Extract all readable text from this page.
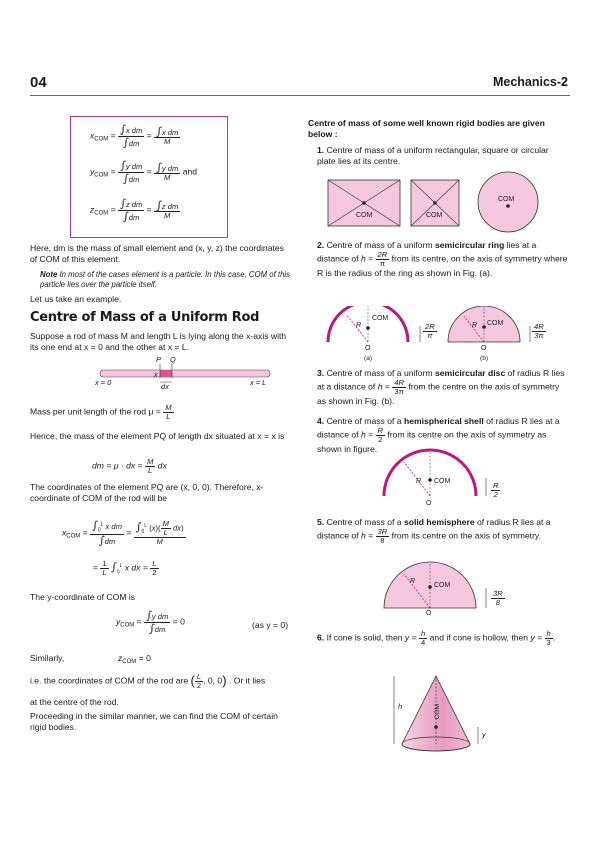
04	Mechanics-2
$x_{COM} = \frac{\text{∫x dm}}{\int dm} = \frac{\text{∫x dm}}{M}$
$y_{COM} = \frac{\text{∫y dm}}{\int dm} = \frac{\text{∫y dm}}{M}$ and
$z_{COM} = \frac{\text{∫z dm}}{\int dm} = \frac{\text{∫z dm}}{M}$
Here, dm is the mass of small element and (x, y, z) the coordinates of COM of this element.
Note In most of the cases element is a particle. In this case, COM of this particle lies over the particle itself.
Let us take an example.
Centre of Mass of a Uniform Rod
Suppose a rod of mass M and length L is lying along the x-axis with its one end at x = 0 and the other at x = L.
P Q
x = 0
x
dx	x = L
Mass per unit length of the rod $\mu = \frac{M}{L}$
Hence, the mass of the element PQ of length dx situated at x = x is
dm = μ · dx = $\frac{M}{L}$ dx
The coordinates of the element PQ are (x, 0, 0). Therefore, x-coordinate of COM of the rod will be
$x_{COM} = \frac{\int_0^L x dm}{\int dm} = \frac{\int_0^L (x)( \frac{M}{L} dx)}{M}$
= $\frac{1}{L} \int_0^L$ x dx = $\frac{L}{2}$
The y-coordinate of COM is
$y_{COM} = \frac{\text{∫y dm}}{\int dm} = 0$	(as y = 0)
Similarly,	$z_{COM} = 0$
i.e. the coordinates of COM of the rod are ( $\frac{L}{2}$ , 0, 0) . Or it lies
at the centre of the rod.
Proceeding in the similar manner, we can find the COM of certain rigid bodies.
Centre of mass of some well known rigid bodies are given below :
1. Centre of mass of a uniform rectangular, square or circular plate lies at its centre.
COM	COM
COM
2. Centre of mass of a uniform semicircular ring lies at a distance of $h = \frac{2R}{\pi}$ from its centre, on the axis of symmetry where R is the radius of the ring as shown in Fig. (a).
R
COM
O
(a)
$\frac{2R}{\pi}$	R COM
O
(b)
$\frac{4R}{3\pi}$
3. Centre of mass of a uniform semicircular disc of radius R lies at a distance of $h = \frac{4R}{3\pi}$ from the centre on the axis of symmetry as shown in Fig. (b).
4. Centre of mass of a hemispherical shell of radius R lies at a distance of $h = \frac{R}{2}$ from its centre on the axis of symmetry as shown in figure.
R COM
O
$\frac{R}{2}$
5. Centre of mass of a solid hemisphere of radius R lies at a distance of $h = \frac{3R}{8}$ from its centre on the axis of symmetry.
R
COM
O
$\frac{3R}{8}$
6. If cone is solid, then $y = \frac{h}{4}$ and if cone is hollow, then $y = \frac{h}{3}$ .
h	COM
y
